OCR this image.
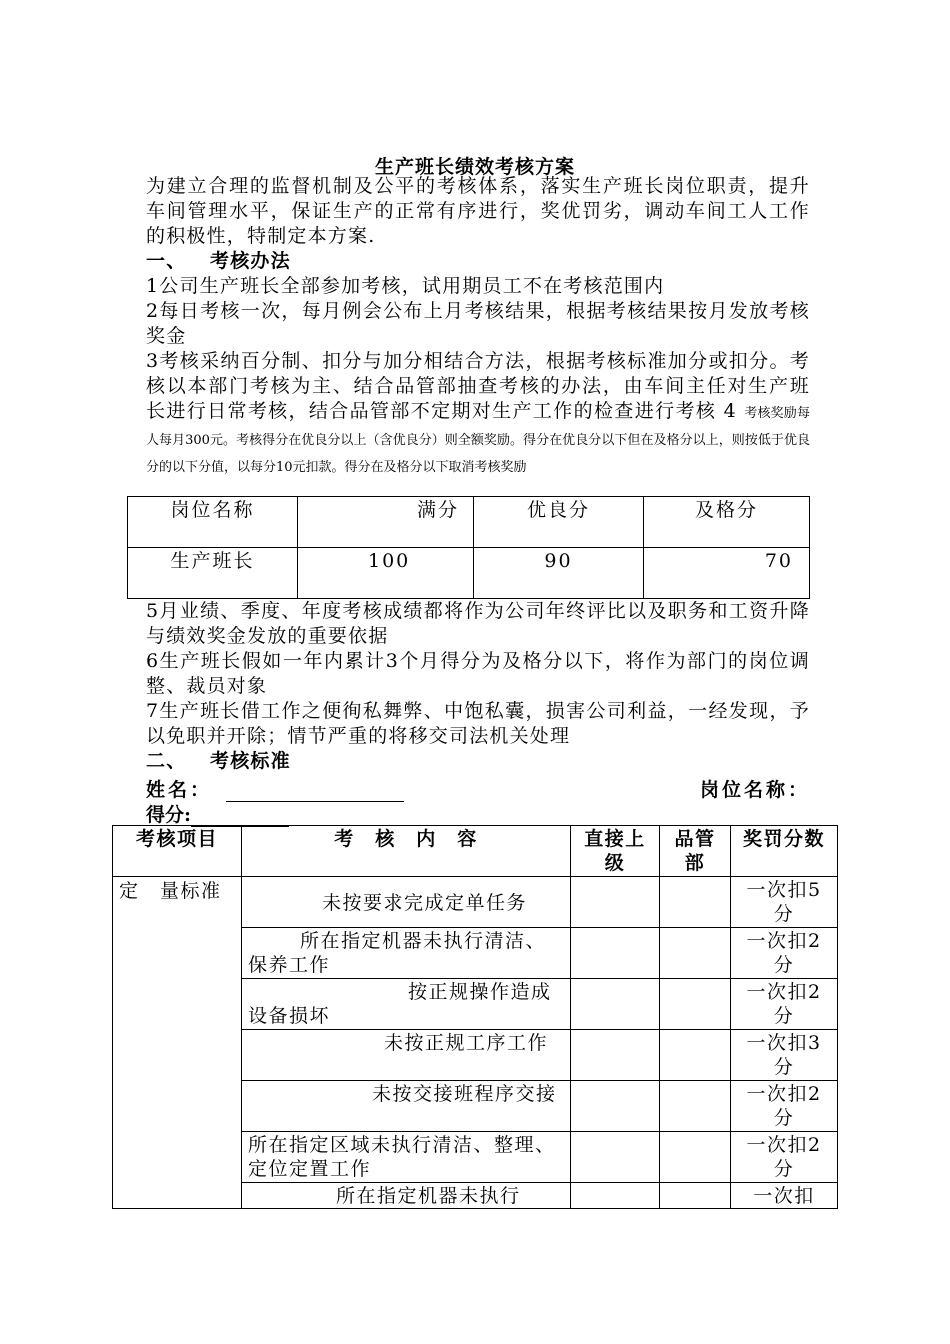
生产班长绩效考核方案

为建立合理的监督机制及公平的考核体系，落实生产班长岗位职责，提升车间管理水平，保证生产的正常有序进行，奖优罚劣，调动车间工人工作的积极性，特制定本方案.

一、 考核办法

1公司生产班长全部参加考核，试用期员工不在考核范围内

2每日考核一次，每月例会公布上月考核结果，根据考核结果按月发放考核奖金

3考核采纳百分制、扣分与加分相结合方法，根据考核标准加分或扣分。考核以本部门考核为主、结合品管部抽查考核的办法，由车间主任对生产班长进行日常考核，结合品管部不定期对生产工作的检查进行考核 4 考核奖励每人每月300元。考核得分在优良分以上（含优良分）则全额奖励。得分在优良分以下但在及格分以上，则按低于优良分的以下分值，以每分10元扣款。得分在及格分以下取消考核奖励

岗位名称	满分	优良分	及格分
生产班长	100	90	70

5月业绩、季度、年度考核成绩都将作为公司年终评比以及职务和工资升降与绩效奖金发放的重要依据

6生产班长假如一年内累计3个月得分为及格分以下，将作为部门的岗位调整、裁员对象

7生产班长借工作之便徇私舞弊、中饱私囊，损害公司利益，一经发现，予以免职并开除；情节严重的将移交司法机关处理

二、 考核标准

姓名：	岗位名称：
得分:
考核项目	考　核　内　容	直接上级	品管部	奖罚分数
定　量标准	未按要求完成定单任务			一次扣5分
	所在指定机器未执行清洁、保养工作			一次扣2分
	按正规操作造成设备损坏			一次扣2分
	未按正规工序工作			一次扣3分
	未按交接班程序交接			一次扣2分
	所在指定区域未执行清洁、整理、定位定置工作			一次扣2分
	所在指定机器未执行			一次扣
